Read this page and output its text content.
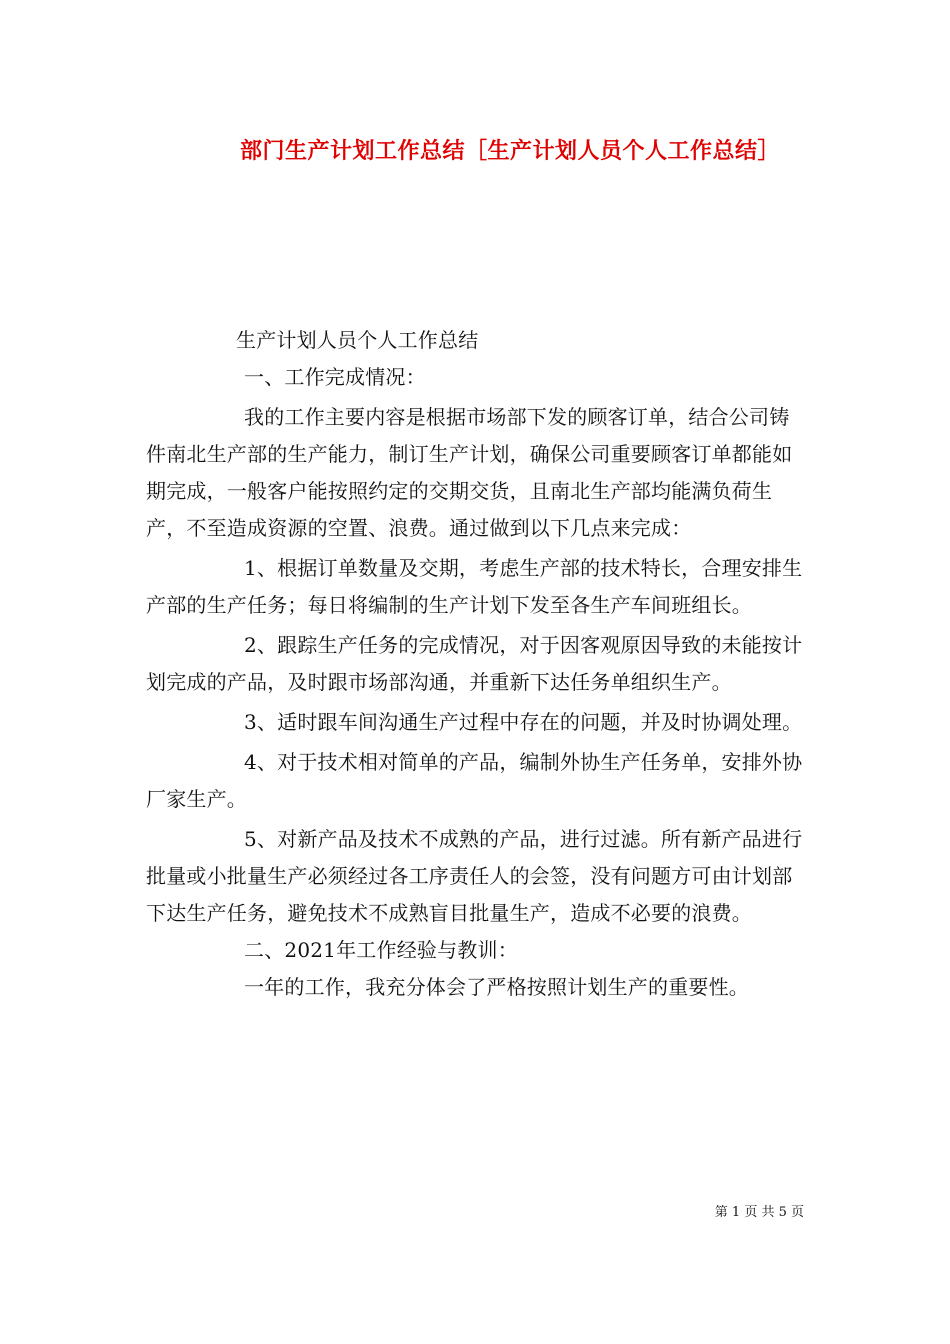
部门生产计划工作总结［生产计划人员个人工作总结］

生产计划人员个人工作总结

一、工作完成情况：

我的工作主要内容是根据市场部下发的顾客订单，结合公司铸件南北生产部的生产能力，制订生产计划，确保公司重要顾客订单都能如期完成，一般客户能按照约定的交期交货，且南北生产部均能满负荷生产，不至造成资源的空置、浪费。通过做到以下几点来完成：

1、根据订单数量及交期，考虑生产部的技术特长，合理安排生产部的生产任务；每日将编制的生产计划下发至各生产车间班组长。

2、跟踪生产任务的完成情况，对于因客观原因导致的未能按计划完成的产品，及时跟市场部沟通，并重新下达任务单组织生产。

3、适时跟车间沟通生产过程中存在的问题，并及时协调处理。

4、对于技术相对简单的产品，编制外协生产任务单，安排外协厂家生产。

5、对新产品及技术不成熟的产品，进行过滤。所有新产品进行批量或小批量生产必须经过各工序责任人的会签，没有问题方可由计划部下达生产任务，避免技术不成熟盲目批量生产，造成不必要的浪费。

二、2021年工作经验与教训：

一年的工作，我充分体会了严格按照计划生产的重要性。

第 1 页 共 5 页
